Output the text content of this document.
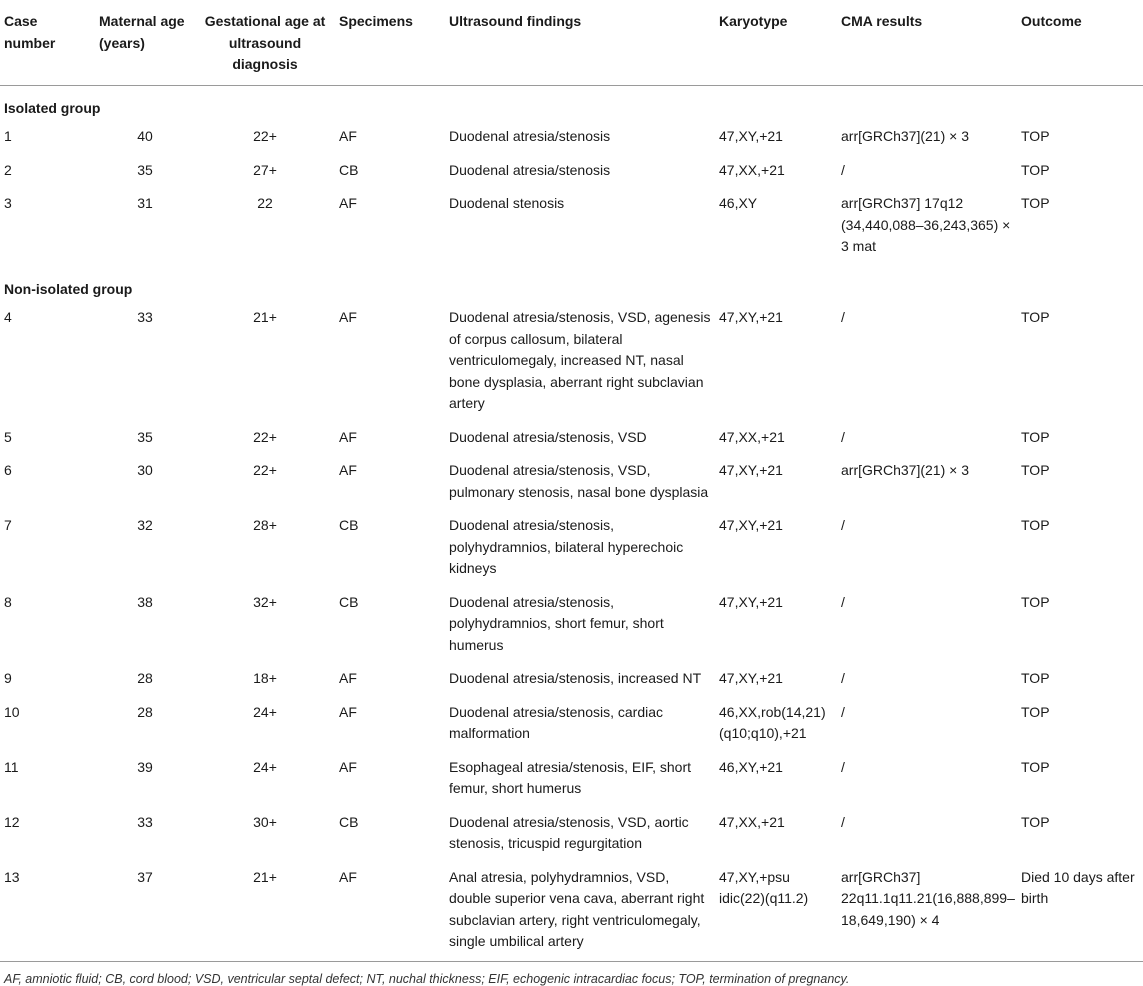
Case number	Maternal age (years)	Gestational age at ultrasound diagnosis	Specimens	Ultrasound findings	Karyotype	CMA results	Outcome
Isolated group							
1	40	22+	AF	Duodenal atresia/stenosis	47,XY,+21	arr[GRCh37](21) × 3	TOP
2	35	27+	CB	Duodenal atresia/stenosis	47,XX,+21	/	TOP
3	31	22	AF	Duodenal stenosis	46,XY	arr[GRCh37] 17q12 (34,440,088–36,243,365) × 3 mat	TOP
Non-isolated group							
4	33	21+	AF	Duodenal atresia/stenosis, VSD, agenesis of corpus callosum, bilateral ventriculomegaly, increased NT, nasal bone dysplasia, aberrant right subclavian artery	47,XY,+21	/	TOP
5	35	22+	AF	Duodenal atresia/stenosis, VSD	47,XX,+21	/	TOP
6	30	22+	AF	Duodenal atresia/stenosis, VSD, pulmonary stenosis, nasal bone dysplasia	47,XY,+21	arr[GRCh37](21) × 3	TOP
7	32	28+	CB	Duodenal atresia/stenosis, polyhydramnios, bilateral hyperechoic kidneys	47,XY,+21	/	TOP
8	38	32+	CB	Duodenal atresia/stenosis, polyhydramnios, short femur, short humerus	47,XY,+21	/	TOP
9	28	18+	AF	Duodenal atresia/stenosis, increased NT	47,XY,+21	/	TOP
10	28	24+	AF	Duodenal atresia/stenosis, cardiac malformation	46,XX,rob(14,21)(q10;q10),+21	/	TOP
11	39	24+	AF	Esophageal atresia/stenosis, EIF, short femur, short humerus	46,XY,+21	/	TOP
12	33	30+	CB	Duodenal atresia/stenosis, VSD, aortic stenosis, tricuspid regurgitation	47,XX,+21	/	TOP
13	37	21+	AF	Anal atresia, polyhydramnios, VSD, double superior vena cava, aberrant right subclavian artery, right ventriculomegaly, single umbilical artery	47,XY,+psu idic(22)(q11.2)	arr[GRCh37] 22q11.1q11.21(16,888,899–18,649,190) × 4	Died 10 days after birth
AF, amniotic fluid; CB, cord blood; VSD, ventricular septal defect; NT, nuchal thickness; EIF, echogenic intracardiac focus; TOP, termination of pregnancy.
